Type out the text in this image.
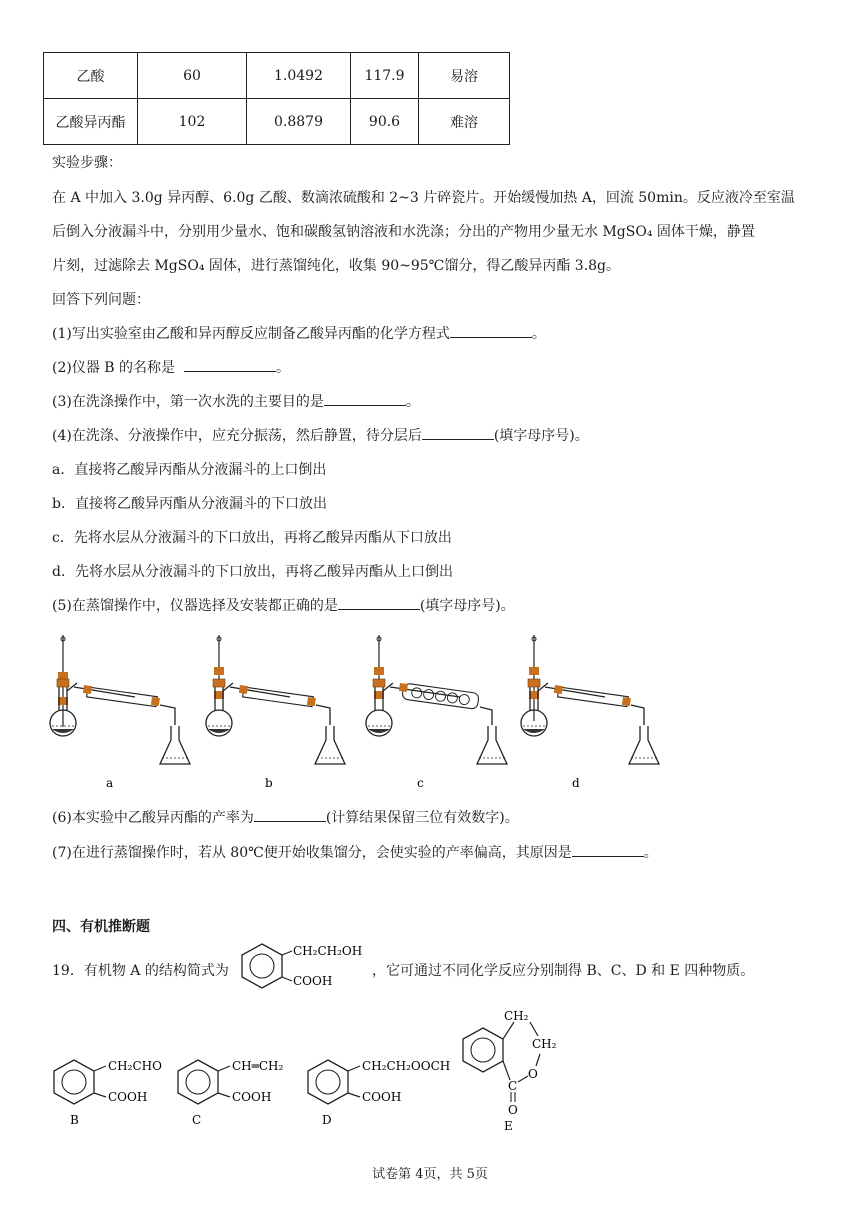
乙酸	60	1.0492	117.9	易溶
乙酸异丙酯	102	0.8879	90.6	难溶
实验步骤：
在 A 中加入 3.0g 异丙醇、6.0g 乙酸、数滴浓硫酸和 2~3 片碎瓷片。开始缓慢加热 A，回流 50min。反应液冷至室温
后倒入分液漏斗中，分别用少量水、饱和碳酸氢钠溶液和水洗涤；分出的产物用少量无水 MgSO₄ 固体干燥，静置
片刻，过滤除去 MgSO₄ 固体，进行蒸馏纯化，收集 90~95℃馏分，得乙酸异丙酯 3.8g。
回答下列问题：
(1)写出实验室由乙酸和异丙醇反应制备乙酸异丙酯的化学方程式	。
(2)仪器 B 的名称是	。
(3)在洗涤操作中，第一次水洗的主要目的是	。
(4)在洗涤、分液操作中，应充分振荡，然后静置，待分层后	(填字母序号)。
a．直接将乙酸异丙酯从分液漏斗的上口倒出
b．直接将乙酸异丙酯从分液漏斗的下口放出
c．先将水层从分液漏斗的下口放出，再将乙酸异丙酯从下口放出
d．先将水层从分液漏斗的下口放出，再将乙酸异丙酯从上口倒出
(5)在蒸馏操作中，仪器选择及安装都正确的是	(填字母序号)。
a	b	c	d
(6)本实验中乙酸异丙酯的产率为	(计算结果保留三位有效数字)。
(7)在进行蒸馏操作时，若从 80℃便开始收集馏分，会使实验的产率偏高，其原因是	。
四、有机推断题
19．有机物 A 的结构简式为
CH₂CH₂OH
COOH
，它可通过不同化学反应分别制得 B、C、D 和 E 四种物质。
CH₂CHO
COOH
B
CH═CH₂
COOH
C
CH₂CH₂OOCH
COOH
D
CH₂
CH₂
O
C
O
E
试卷第 4页，共 5页
